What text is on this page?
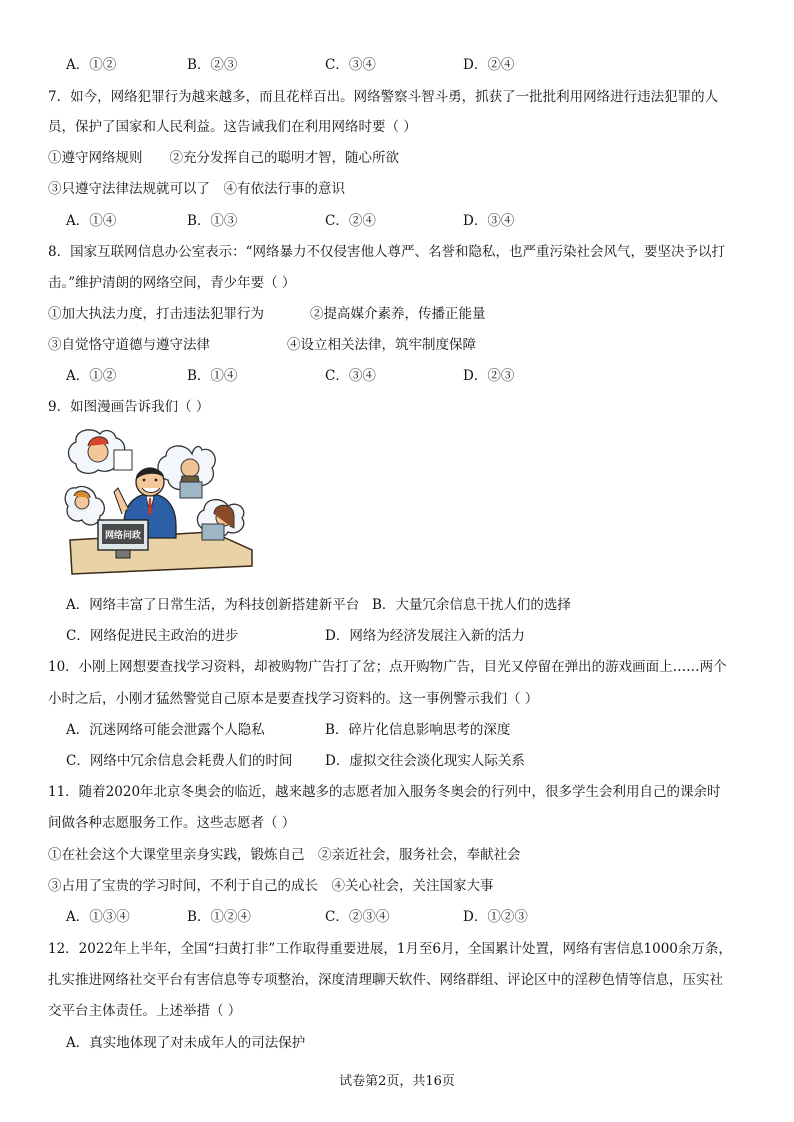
A．①②	B．②③	C．③④	D．②④
7．如今，网络犯罪行为越来越多，而且花样百出。网络警察斗智斗勇，抓获了一批批利用网络进行违法犯罪的人
员，保护了国家和人民利益。这告诫我们在利用网络时要（ ）
①遵守网络规则　　②充分发挥自己的聪明才智，随心所欲
③只遵守法律法规就可以了　④有依法行事的意识
A．①④	B．①③	C．②④	D．③④
8．国家互联网信息办公室表示：“网络暴力不仅侵害他人尊严、名誉和隐私，也严重污染社会风气，要坚决予以打
击。”维护清朗的网络空间，青少年要（ ）
①加大执法力度，打击违法犯罪行为	②提高媒介素养，传播正能量
③自觉恪守道德与遵守法律	④设立相关法律，筑牢制度保障
A．①②	B．①④	C．③④	D．②③
9．如图漫画告诉我们（ ）
网络问政
A．网络丰富了日常生活，为科技创新搭建新平台 B．大量冗余信息干扰人们的选择
C．网络促进民主政治的进步	D．网络为经济发展注入新的活力
10．小刚上网想要查找学习资料，却被购物广告打了岔；点开购物广告，目光又停留在弹出的游戏画面上……两个
小时之后，小刚才猛然警觉自己原本是要查找学习资料的。这一事例警示我们（ ）
A．沉迷网络可能会泄露个人隐私	B．碎片化信息影响思考的深度
C．网络中冗余信息会耗费人们的时间 D．虚拟交往会淡化现实人际关系
11．随着2020年北京冬奥会的临近，越来越多的志愿者加入服务冬奥会的行列中，很多学生会利用自己的课余时
间做各种志愿服务工作。这些志愿者（ ）
①在社会这个大课堂里亲身实践，锻炼自己　②亲近社会，服务社会，奉献社会
③占用了宝贵的学习时间，不利于自己的成长　④关心社会，关注国家大事
A．①③④	B．①②④	C．②③④	D．①②③
12．2022年上半年，全国“扫黄打非”工作取得重要进展，1月至6月，全国累计处置，网络有害信息1000余万条，
扎实推进网络社交平台有害信息等专项整治，深度清理聊天软件、网络群组、评论区中的淫秽色情等信息，压实社
交平台主体责任。上述举措（ ）
A．真实地体现了对未成年人的司法保护
试卷第2页，共16页
